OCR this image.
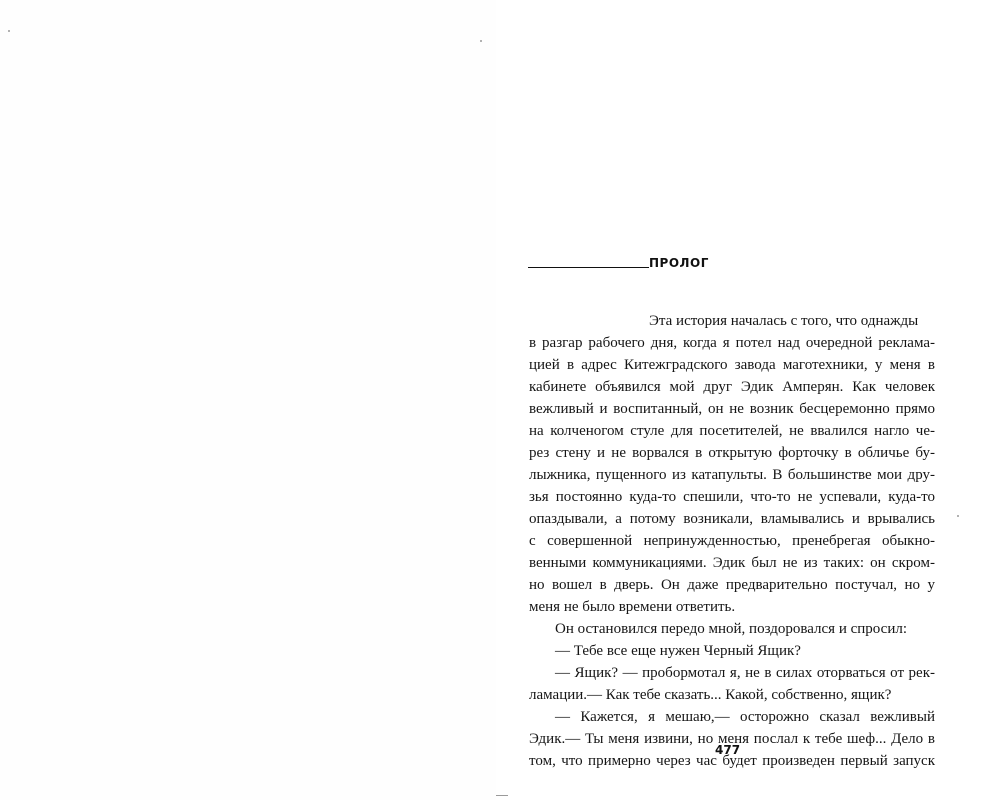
ПРОЛОГ
Эта история началась с того, что однажды
в разгар рабочего дня, когда я потел над очередной реклама-
цией в адрес Китежградского завода маготехники, у меня в
кабинете объявился мой друг Эдик Амперян. Как человек
вежливый и воспитанный, он не возник бесцеремонно прямо
на колченогом стуле для посетителей, не ввалился нагло че-
рез стену и не ворвался в открытую форточку в обличье бу-
лыжника, пущенного из катапульты. В большинстве мои дру-
зья постоянно куда-то спешили, что-то не успевали, куда-то
опаздывали, а потому возникали, вламывались и врывались
с совершенной непринужденностью, пренебрегая обыкно-
венными коммуникациями. Эдик был не из таких: он скром-
но вошел в дверь. Он даже предварительно постучал, но у
меня не было времени ответить.
Он остановился передо мной, поздоровался и спросил:
— Тебе все еще нужен Черный Ящик?
— Ящик? — пробормотал я, не в силах оторваться от рек-
ламации.— Как тебе сказать... Какой, собственно, ящик?
— Кажется, я мешаю,— осторожно сказал вежливый
Эдик.— Ты меня извини, но меня послал к тебе шеф... Дело в
том, что примерно через час будет произведен первый запуск
477
